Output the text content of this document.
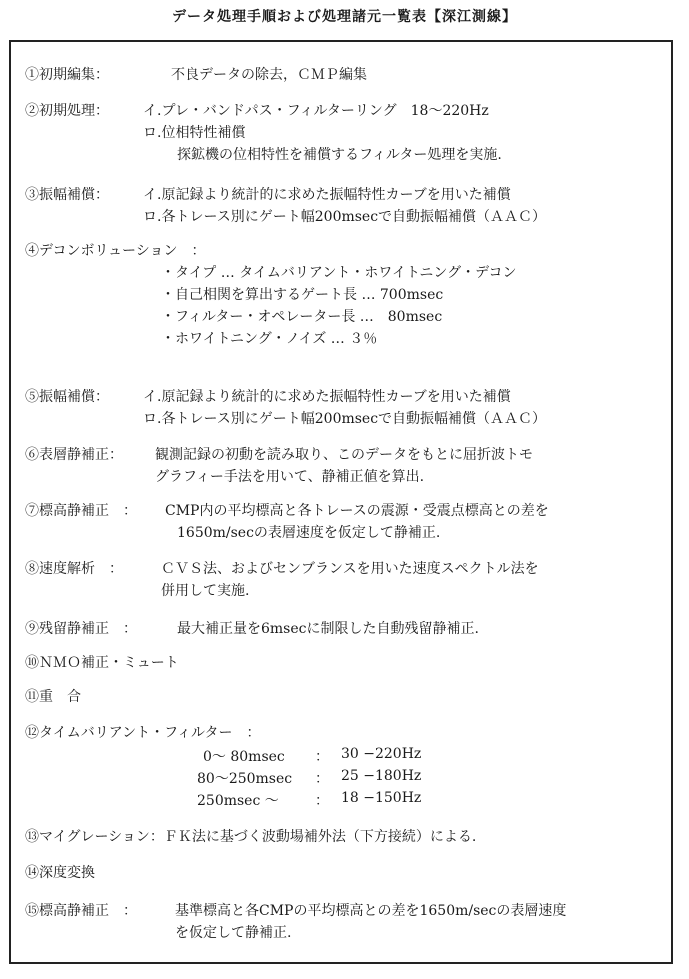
データ処理手順および処理諸元一覧表【深江測線】
①初期編集：	不良データの除去，ＣＭＰ編集
②初期処理： イ.プレ・バンドパス・フィルターリング　18〜220Hz
ロ.位相特性補償
探鉱機の位相特性を補償するフィルター処理を実施.
③振幅補償： イ.原記録より統計的に求めた振幅特性カーブを用いた補償
ロ.各トレース別にゲート幅200msecで自動振幅補償（ＡＡＣ）
④デコンボリューション　：
・タイプ … タイムバリアント・ホワイトニング・デコン
・自己相関を算出するゲート長 … 700msec
・フィルター・オペレーター長 …　80msec
・ホワイトニング・ノイズ … ３％
⑤振幅補償： イ.原記録より統計的に求めた振幅特性カーブを用いた補償
ロ.各トレース別にゲート幅200msecで自動振幅補償（ＡＡＣ）
⑥表層静補正： 観測記録の初動を読み取り、このデータをもとに屈折波トモ
グラフィー手法を用いて、静補正値を算出.
⑦標高静補正　： CMP内の平均標高と各トレースの震源・受震点標高との差を
1650m/secの表層速度を仮定して静補正.
⑧速度解析　：	ＣＶＳ法、およびセンブランスを用いた速度スペクトル法を
併用して実施.
⑨残留静補正　：	最大補正量を6msecに制限した自動残留静補正.
⑩ＮＭＯ補正・ミュート
⑪重　合
⑫タイムバリアント・フィルター　：
0〜 80msec ： 30 −220Hz
80〜250msec ： 25 −180Hz
250msec 〜	： 18 −150Hz
⑬マイグレーション：ＦＫ法に基づく波動場補外法（下方接続）による.
⑭深度変換
⑮標高静補正　：	基準標高と各CMPの平均標高との差を1650m/secの表層速度
を仮定して静補正.
